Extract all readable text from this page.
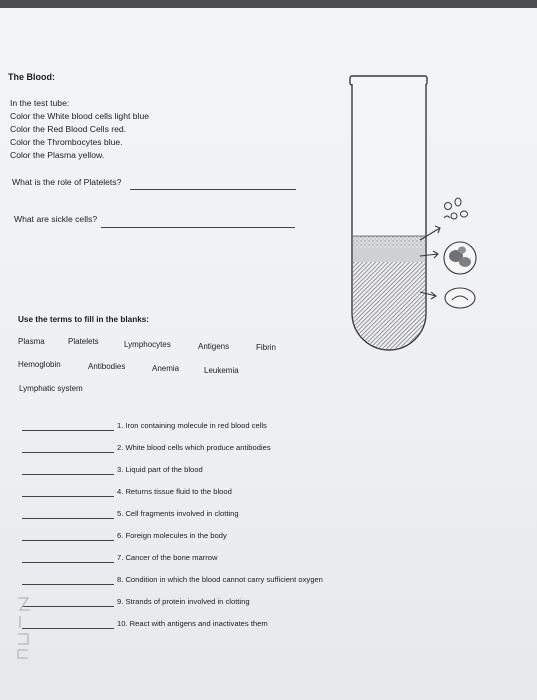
The Blood:
In the test tube:
Color the White blood cells light blue
Color the Red Blood Cells red.
Color the Thrombocytes blue.
Color the Plasma yellow.
What is the role of Platelets?
What are sickle cells?
Use the terms to fill in the blanks:
Plasma	Platelets	Lymphocytes	Antigens	Fibrin
Hemoglobin	Antibodies	Anemia	Leukemia
Lymphatic system
1. Iron containing molecule in red blood cells
2. White blood cells which produce antibodies
3. Liquid part of the blood
4. Returns tissue fluid to the blood
5. Cell fragments involved in clotting
6. Foreign molecules in the body
7. Cancer of the bone marrow
8. Condition in which the blood cannot carry sufficient oxygen
9. Strands of protein involved in clotting
10. React with antigens and inactivates them
